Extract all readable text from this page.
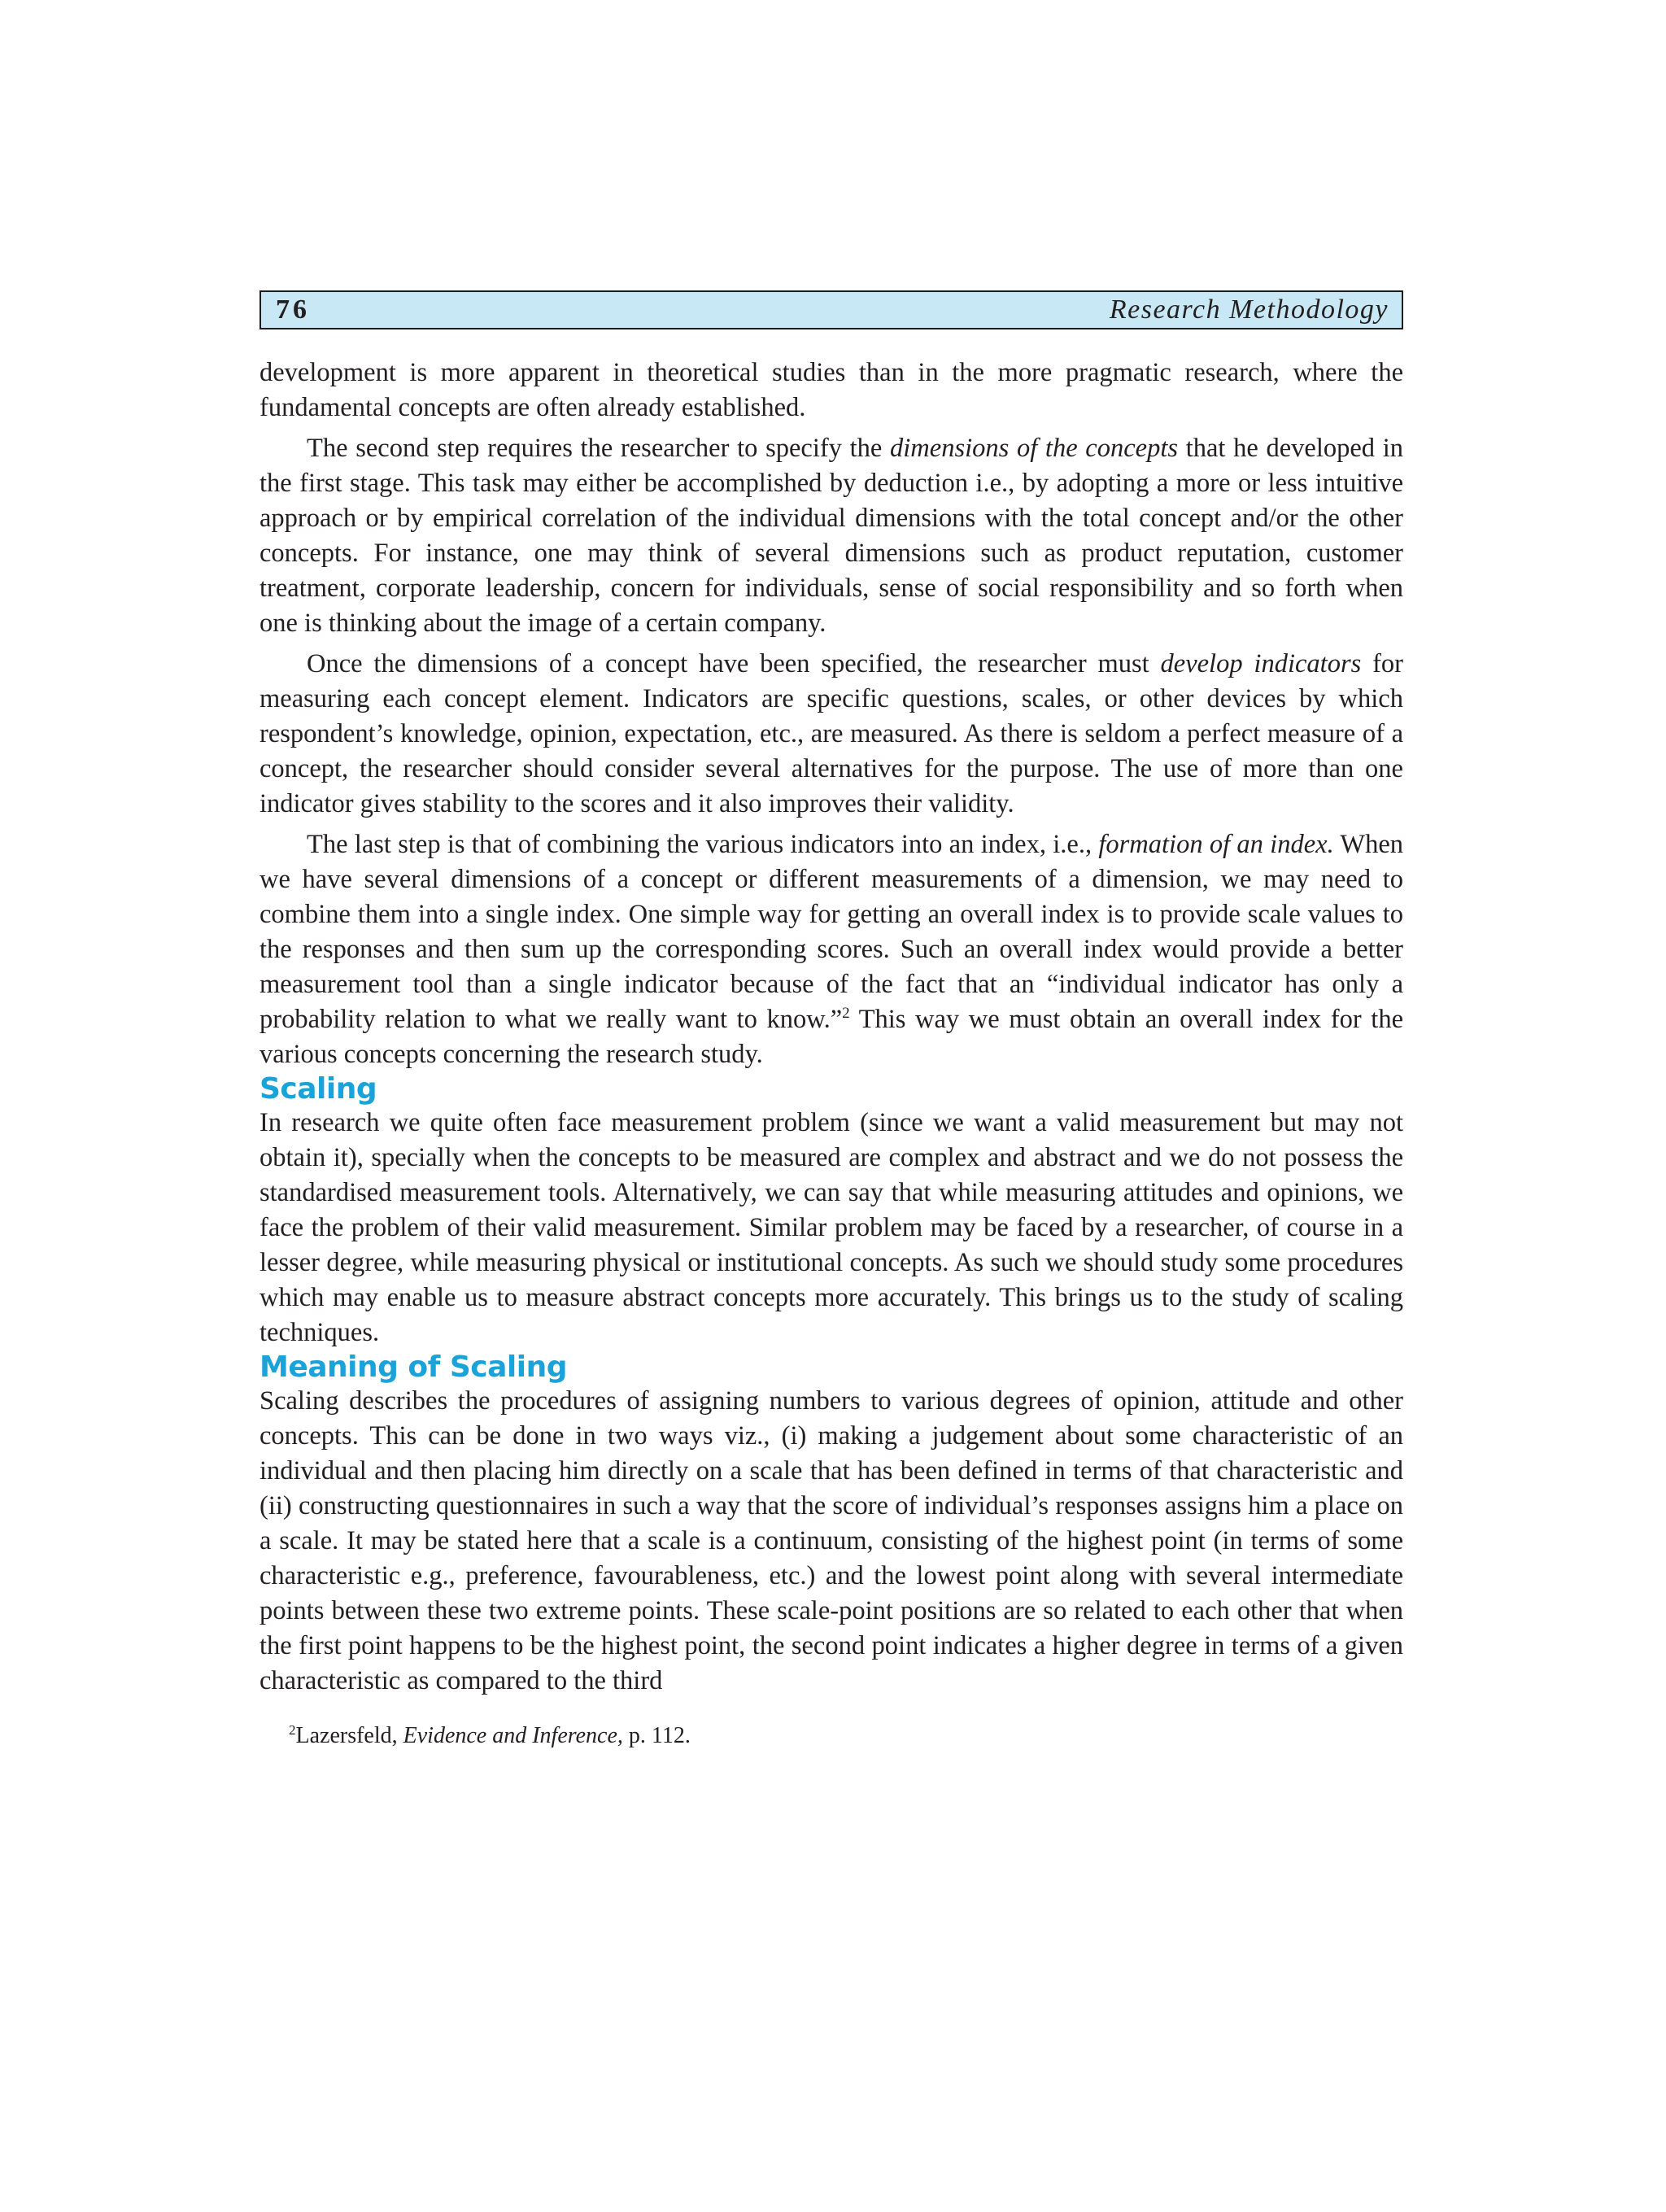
76	Research Methodology

development is more apparent in theoretical studies than in the more pragmatic research, where the fundamental concepts are often already established.

The second step requires the researcher to specify the dimensions of the concepts that he developed in the first stage. This task may either be accomplished by deduction i.e., by adopting a more or less intuitive approach or by empirical correlation of the individual dimensions with the total concept and/or the other concepts. For instance, one may think of several dimensions such as product reputation, customer treatment, corporate leadership, concern for individuals, sense of social responsibility and so forth when one is thinking about the image of a certain company.

Once the dimensions of a concept have been specified, the researcher must develop indicators for measuring each concept element. Indicators are specific questions, scales, or other devices by which respondent’s knowledge, opinion, expectation, etc., are measured. As there is seldom a perfect measure of a concept, the researcher should consider several alternatives for the purpose. The use of more than one indicator gives stability to the scores and it also improves their validity.

The last step is that of combining the various indicators into an index, i.e., formation of an index. When we have several dimensions of a concept or different measurements of a dimension, we may need to combine them into a single index. One simple way for getting an overall index is to provide scale values to the responses and then sum up the corresponding scores. Such an overall index would provide a better measurement tool than a single indicator because of the fact that an “individual indicator has only a probability relation to what we really want to know.”$^2$ This way we must obtain an overall index for the various concepts concerning the research study.

Scaling

In research we quite often face measurement problem (since we want a valid measurement but may not obtain it), specially when the concepts to be measured are complex and abstract and we do not possess the standardised measurement tools. Alternatively, we can say that while measuring attitudes and opinions, we face the problem of their valid measurement. Similar problem may be faced by a researcher, of course in a lesser degree, while measuring physical or institutional concepts. As such we should study some procedures which may enable us to measure abstract concepts more accurately. This brings us to the study of scaling techniques.

Meaning of Scaling

Scaling describes the procedures of assigning numbers to various degrees of opinion, attitude and other concepts. This can be done in two ways viz., (i) making a judgement about some characteristic of an individual and then placing him directly on a scale that has been defined in terms of that characteristic and (ii) constructing questionnaires in such a way that the score of individual’s responses assigns him a place on a scale. It may be stated here that a scale is a continuum, consisting of the highest point (in terms of some characteristic e.g., preference, favourableness, etc.) and the lowest point along with several intermediate points between these two extreme points. These scale-point positions are so related to each other that when the first point happens to be the highest point, the second point indicates a higher degree in terms of a given characteristic as compared to the third

$^2$Lazersfeld, Evidence and Inference, p. 112.
